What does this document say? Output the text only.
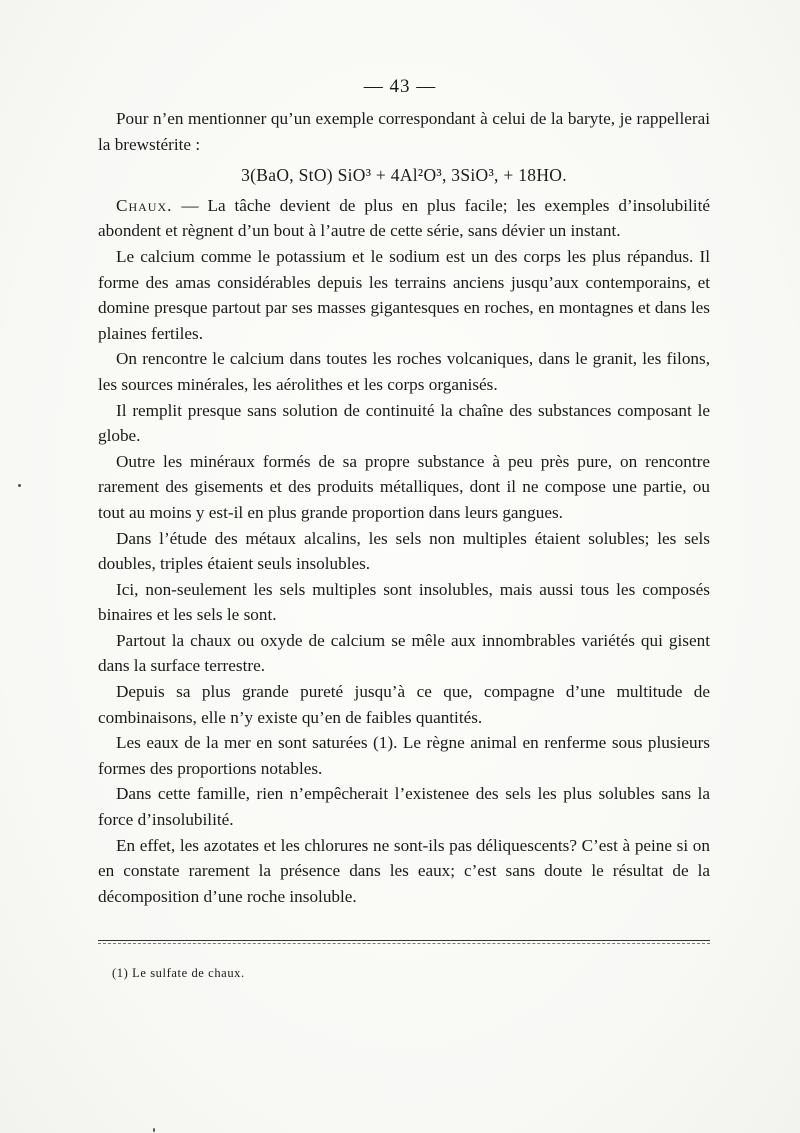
— 43 —

Pour n’en mentionner qu’un exemple correspondant à celui de la baryte, je rappellerai la brewstérite :

3(BaO, StO) SiO³ + 4Al²O³, 3SiO³, + 18HO.

Chaux. — La tâche devient de plus en plus facile; les exemples d’insolubilité abondent et règnent d’un bout à l’autre de cette série, sans dévier un instant.

Le calcium comme le potassium et le sodium est un des corps les plus répandus. Il forme des amas considérables depuis les terrains anciens jusqu’aux contemporains, et domine presque partout par ses masses gigantesques en roches, en montagnes et dans les plaines fertiles.

On rencontre le calcium dans toutes les roches volcaniques, dans le granit, les filons, les sources minérales, les aérolithes et les corps organisés.

Il remplit presque sans solution de continuité la chaîne des substances composant le globe.

Outre les minéraux formés de sa propre substance à peu près pure, on rencontre rarement des gisements et des produits métalliques, dont il ne compose une partie, ou tout au moins y est-il en plus grande proportion dans leurs gangues.

Dans l’étude des métaux alcalins, les sels non multiples étaient solubles; les sels doubles, triples étaient seuls insolubles.

Ici, non-seulement les sels multiples sont insolubles, mais aussi tous les composés binaires et les sels le sont.

Partout la chaux ou oxyde de calcium se mêle aux innombrables variétés qui gisent dans la surface terrestre.

Depuis sa plus grande pureté jusqu’à ce que, compagne d’une multitude de combinaisons, elle n’y existe qu’en de faibles quantités.

Les eaux de la mer en sont saturées (1). Le règne animal en renferme sous plusieurs formes des proportions notables.

Dans cette famille, rien n’empêcherait l’existenee des sels les plus solubles sans la force d’insolubilité.

En effet, les azotates et les chlorures ne sont-ils pas déliquescents? C’est à peine si on en constate rarement la présence dans les eaux; c’est sans doute le résultat de la décomposition d’une roche insoluble.

(1) Le sulfate de chaux.
